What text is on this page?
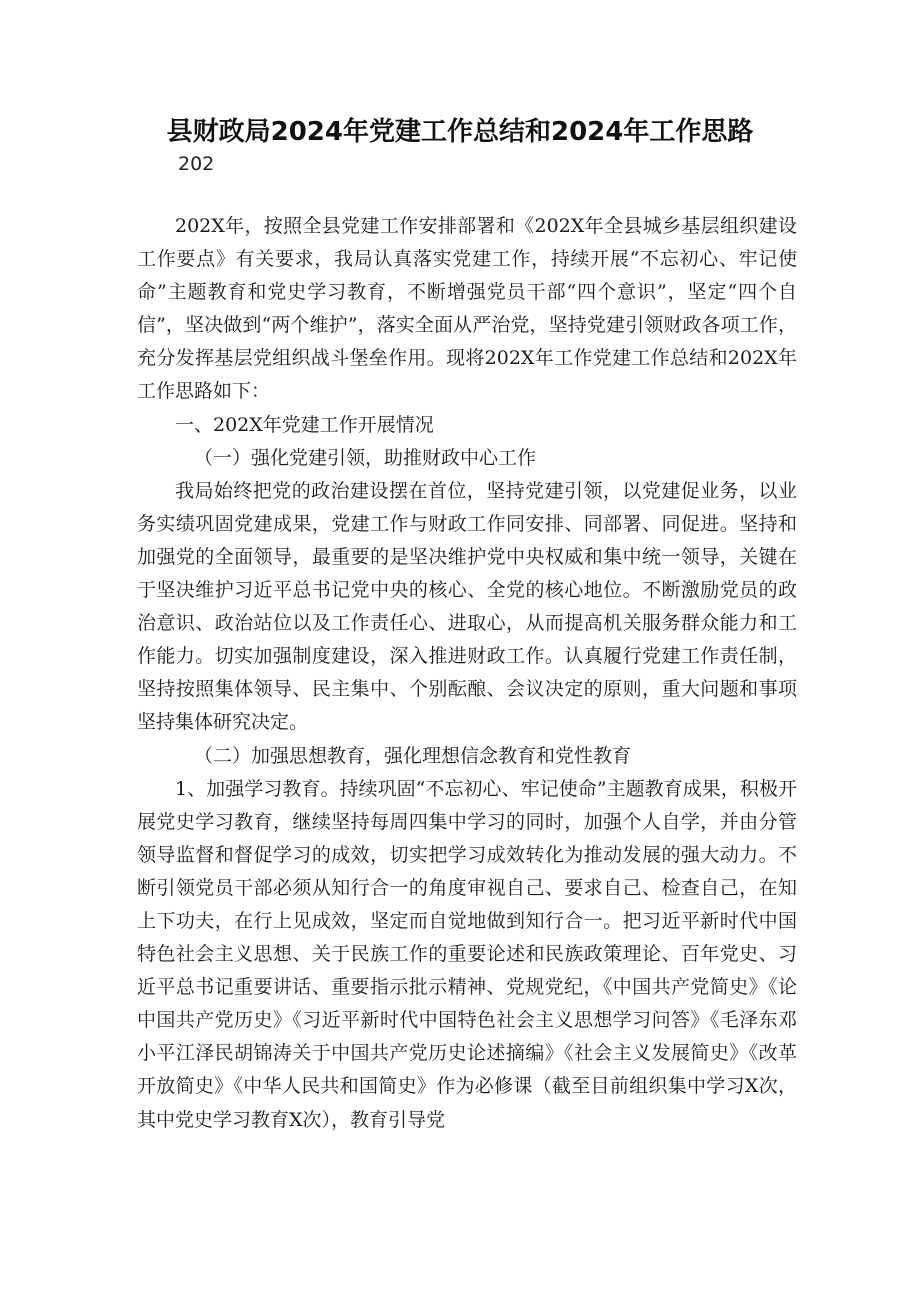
县财政局2024年党建工作总结和2024年工作思路
202

202X年，按照全县党建工作安排部署和《202X年全县城乡基层组织建设工作要点》有关要求，我局认真落实党建工作，持续开展“不忘初心、牢记使命”主题教育和党史学习教育，不断增强党员干部“四个意识”，坚定“四个自信”，坚决做到“两个维护”，落实全面从严治党，坚持党建引领财政各项工作，充分发挥基层党组织战斗堡垒作用。现将202X年工作党建工作总结和202X年工作思路如下：

一、202X年党建工作开展情况

（一）强化党建引领，助推财政中心工作

我局始终把党的政治建设摆在首位，坚持党建引领，以党建促业务，以业务实绩巩固党建成果，党建工作与财政工作同安排、同部署、同促进。坚持和加强党的全面领导，最重要的是坚决维护党中央权威和集中统一领导，关键在于坚决维护习近平总书记党中央的核心、全党的核心地位。不断激励党员的政治意识、政治站位以及工作责任心、进取心，从而提高机关服务群众能力和工作能力。切实加强制度建设，深入推进财政工作。认真履行党建工作责任制，坚持按照集体领导、民主集中、个别酝酿、会议决定的原则，重大问题和事项坚持集体研究决定。

（二）加强思想教育，强化理想信念教育和党性教育

1、加强学习教育。持续巩固“不忘初心、牢记使命”主题教育成果，积极开展党史学习教育，继续坚持每周四集中学习的同时，加强个人自学，并由分管领导监督和督促学习的成效，切实把学习成效转化为推动发展的强大动力。不断引领党员干部必须从知行合一的角度审视自己、要求自己、检查自己，在知上下功夫，在行上见成效，坚定而自觉地做到知行合一。把习近平新时代中国特色社会主义思想、关于民族工作的重要论述和民族政策理论、百年党史、习近平总书记重要讲话、重要指示批示精神、党规党纪，《中国共产党简史》《论中国共产党历史》《习近平新时代中国特色社会主义思想学习问答》《毛泽东邓小平江泽民胡锦涛关于中国共产党历史论述摘编》《社会主义发展简史》《改革开放简史》《中华人民共和国简史》作为必修课（截至目前组织集中学习X次，其中党史学习教育X次），教育引导党
